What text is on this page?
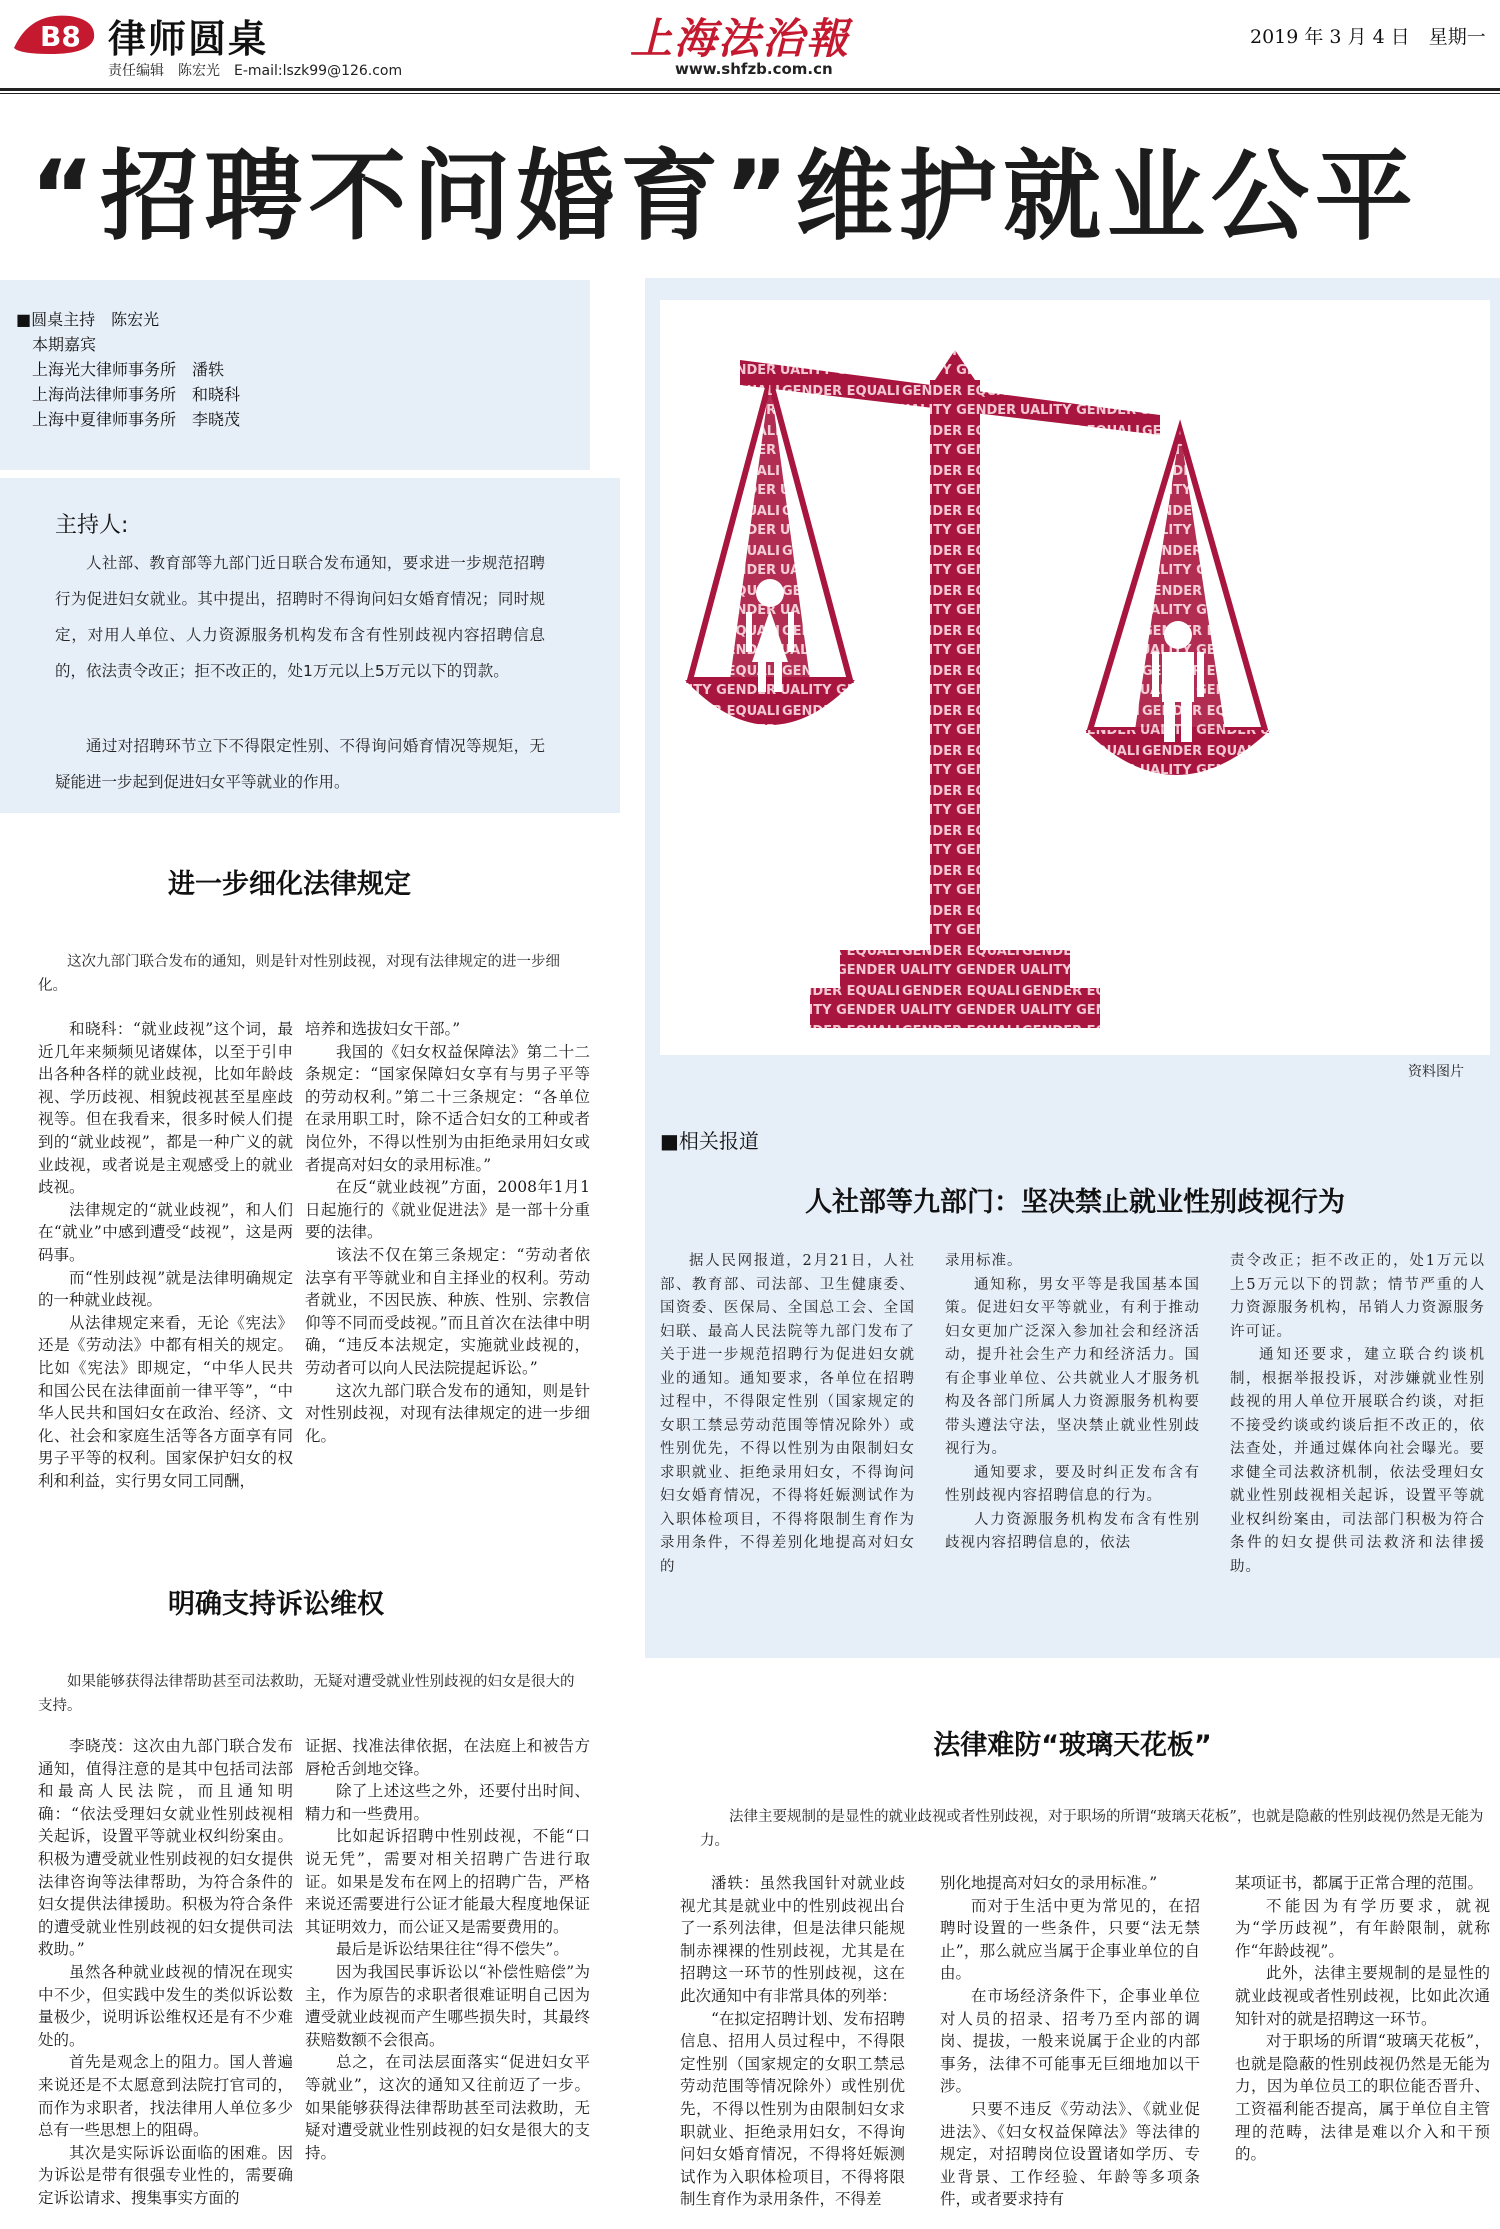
B8 律师圆桌
责任编辑　陈宏光　E-mail:lszk99@126.com
上海法治報
www.shfzb.com.cn
2019 年 3 月 4 日　星期一
“招聘不问婚育”维护就业公平
■圆桌主持　陈宏光
　本期嘉宾
　上海光大律师事务所　潘轶
　上海尚法律师事务所　和晓科
　上海中夏律师事务所　李晓茂
主持人:
人社部、教育部等九部门近日联合发布通知，要求进一步规范招聘行为促进妇女就业。其中提出，招聘时不得询问妇女婚育情况；同时规定，对用人单位、人力资源服务机构发布含有性别歧视内容招聘信息的，依法责令改正；拒不改正的，处1万元以上5万元以下的罚款。
通过对招聘环节立下不得限定性别、不得询问婚育情况等规矩，无疑能进一步起到促进妇女平等就业的作用。
进一步细化法律规定
这次九部门联合发布的通知，则是针对性别歧视，对现有法律规定的进一步细化。

和晓科：“就业歧视”这个词，最近几年来频频见诸媒体，以至于引申出各种各样的就业歧视，比如年龄歧视、学历歧视、相貌歧视甚至星座歧视等。但在我看来，很多时候人们提到的“就业歧视”，都是一种广义的就业歧视，或者说是主观感受上的就业歧视。

法律规定的“就业歧视”，和人们在“就业”中感到遭受“歧视”，这是两码事。

而“性别歧视”就是法律明确规定的一种就业歧视。

从法律规定来看，无论《宪法》还是《劳动法》中都有相关的规定。比如《宪法》即规定，“中华人民共和国公民在法律面前一律平等”，“中华人民共和国妇女在政治、经济、文化、社会和家庭生活等各方面享有同男子平等的权利。国家保护妇女的权利和利益，实行男女同工同酬，

培养和选拔妇女干部。”

我国的《妇女权益保障法》第二十二条规定：“国家保障妇女享有与男子平等的劳动权利。”第二十三条规定：“各单位在录用职工时，除不适合妇女的工种或者岗位外，不得以性别为由拒绝录用妇女或者提高对妇女的录用标准。”

在反“就业歧视”方面，2008年1月1日起施行的《就业促进法》是一部十分重要的法律。

该法不仅在第三条规定：“劳动者依法享有平等就业和自主择业的权利。劳动者就业，不因民族、种族、性别、宗教信仰等不同而受歧视。”而且首次在法律中明确，“违反本法规定，实施就业歧视的，劳动者可以向人民法院提起诉讼。”

这次九部门联合发布的通知，则是针对性别歧视，对现有法律规定的进一步细化。

明确支持诉讼维权
如果能够获得法律帮助甚至司法救助，无疑对遭受就业性别歧视的妇女是很大的支持。

李晓茂：这次由九部门联合发布通知，值得注意的是其中包括司法部和最高人民法院，而且通知明确：“依法受理妇女就业性别歧视相关起诉，设置平等就业权纠纷案由。积极为遭受就业性别歧视的妇女提供法律咨询等法律帮助，为符合条件的妇女提供法律援助。积极为符合条件的遭受就业性别歧视的妇女提供司法救助。”

虽然各种就业歧视的情况在现实中不少，但实践中发生的类似诉讼数量极少，说明诉讼维权还是有不少难处的。

首先是观念上的阻力。国人普遍来说还是不太愿意到法院打官司的，而作为求职者，找法律用人单位多少总有一些思想上的阻碍。

其次是实际诉讼面临的困难。因为诉讼是带有很强专业性的，需要确定诉讼请求、搜集事实方面的

证据、找准法律依据，在法庭上和被告方唇枪舌剑地交锋。

除了上述这些之外，还要付出时间、精力和一些费用。

比如起诉招聘中性别歧视，不能“口说无凭”，需要对相关招聘广告进行取证。如果是发布在网上的招聘广告，严格来说还需要进行公证才能最大程度地保证其证明效力，而公证又是需要费用的。

最后是诉讼结果往往“得不偿失”。

因为我国民事诉讼以“补偿性赔偿”为主，作为原告的求职者很难证明自己因为遭受就业歧视而产生哪些损失时，其最终获赔数额不会很高。

总之，在司法层面落实“促进妇女平等就业”，这次的通知又往前迈了一步。如果能够获得法律帮助甚至司法救助，无疑对遭受就业性别歧视的妇女是很大的支持。

资料图片
■相关报道
人社部等九部门：坚决禁止就业性别歧视行为

据人民网报道，2月21日，人社部、教育部、司法部、卫生健康委、国资委、医保局、全国总工会、全国妇联、最高人民法院等九部门发布了关于进一步规范招聘行为促进妇女就业的通知。通知要求，各单位在招聘过程中，不得限定性别（国家规定的女职工禁忌劳动范围等情况除外）或性别优先，不得以性别为由限制妇女求职就业、拒绝录用妇女，不得询问妇女婚育情况，不得将妊娠测试作为入职体检项目，不得将限制生育作为录用条件，不得差别化地提高对妇女的

录用标准。

通知称，男女平等是我国基本国策。促进妇女平等就业，有利于推动妇女更加广泛深入参加社会和经济活动，提升社会生产力和经济活力。国有企事业单位、公共就业人才服务机构及各部门所属人力资源服务机构要带头遵法守法，坚决禁止就业性别歧视行为。

通知要求，要及时纠正发布含有性别歧视内容招聘信息的行为。

人力资源服务机构发布含有性别歧视内容招聘信息的，依法

责令改正；拒不改正的，处1万元以上5万元以下的罚款；情节严重的人力资源服务机构，吊销人力资源服务许可证。

通知还要求，建立联合约谈机制，根据举报投诉，对涉嫌就业性别歧视的用人单位开展联合约谈，对拒不接受约谈或约谈后拒不改正的，依法查处，并通过媒体向社会曝光。要求健全司法救济机制，依法受理妇女就业性别歧视相关起诉，设置平等就业权纠纷案由，司法部门积极为符合条件的妇女提供司法救济和法律援助。

法律难防“玻璃天花板”
法律主要规制的是显性的就业歧视或者性别歧视，对于职场的所谓“玻璃天花板”，也就是隐蔽的性别歧视仍然是无能为力。

潘轶：虽然我国针对就业歧视尤其是就业中的性别歧视出台了一系列法律，但是法律只能规制赤裸裸的性别歧视，尤其是在招聘这一环节的性别歧视，这在此次通知中有非常具体的列举：

“在拟定招聘计划、发布招聘信息、招用人员过程中，不得限定性别（国家规定的女职工禁忌劳动范围等情况除外）或性别优先，不得以性别为由限制妇女求职就业、拒绝录用妇女，不得询问妇女婚育情况，不得将妊娠测试作为入职体检项目，不得将限制生育作为录用条件，不得差

别化地提高对妇女的录用标准。”

而对于生活中更为常见的，在招聘时设置的一些条件，只要“法无禁止”，那么就应当属于企事业单位的自由。

在市场经济条件下，企事业单位对人员的招录、招考乃至内部的调岗、提拔，一般来说属于企业的内部事务，法律不可能事无巨细地加以干涉。

只要不违反《劳动法》、《就业促进法》、《妇女权益保障法》等法律的规定，对招聘岗位设置诸如学历、专业背景、工作经验、年龄等多项条件，或者要求持有

某项证书，都属于正常合理的范围。

不能因为有学历要求，就视为“学历歧视”，有年龄限制，就称作“年龄歧视”。

此外，法律主要规制的是显性的就业歧视或者性别歧视，比如此次通知针对的就是招聘这一环节。

对于职场的所谓“玻璃天花板”，也就是隐蔽的性别歧视仍然是无能为力，因为单位员工的职位能否晋升、工资福利能否提高，属于单位自主管理的范畴，法律是难以介入和干预的。
